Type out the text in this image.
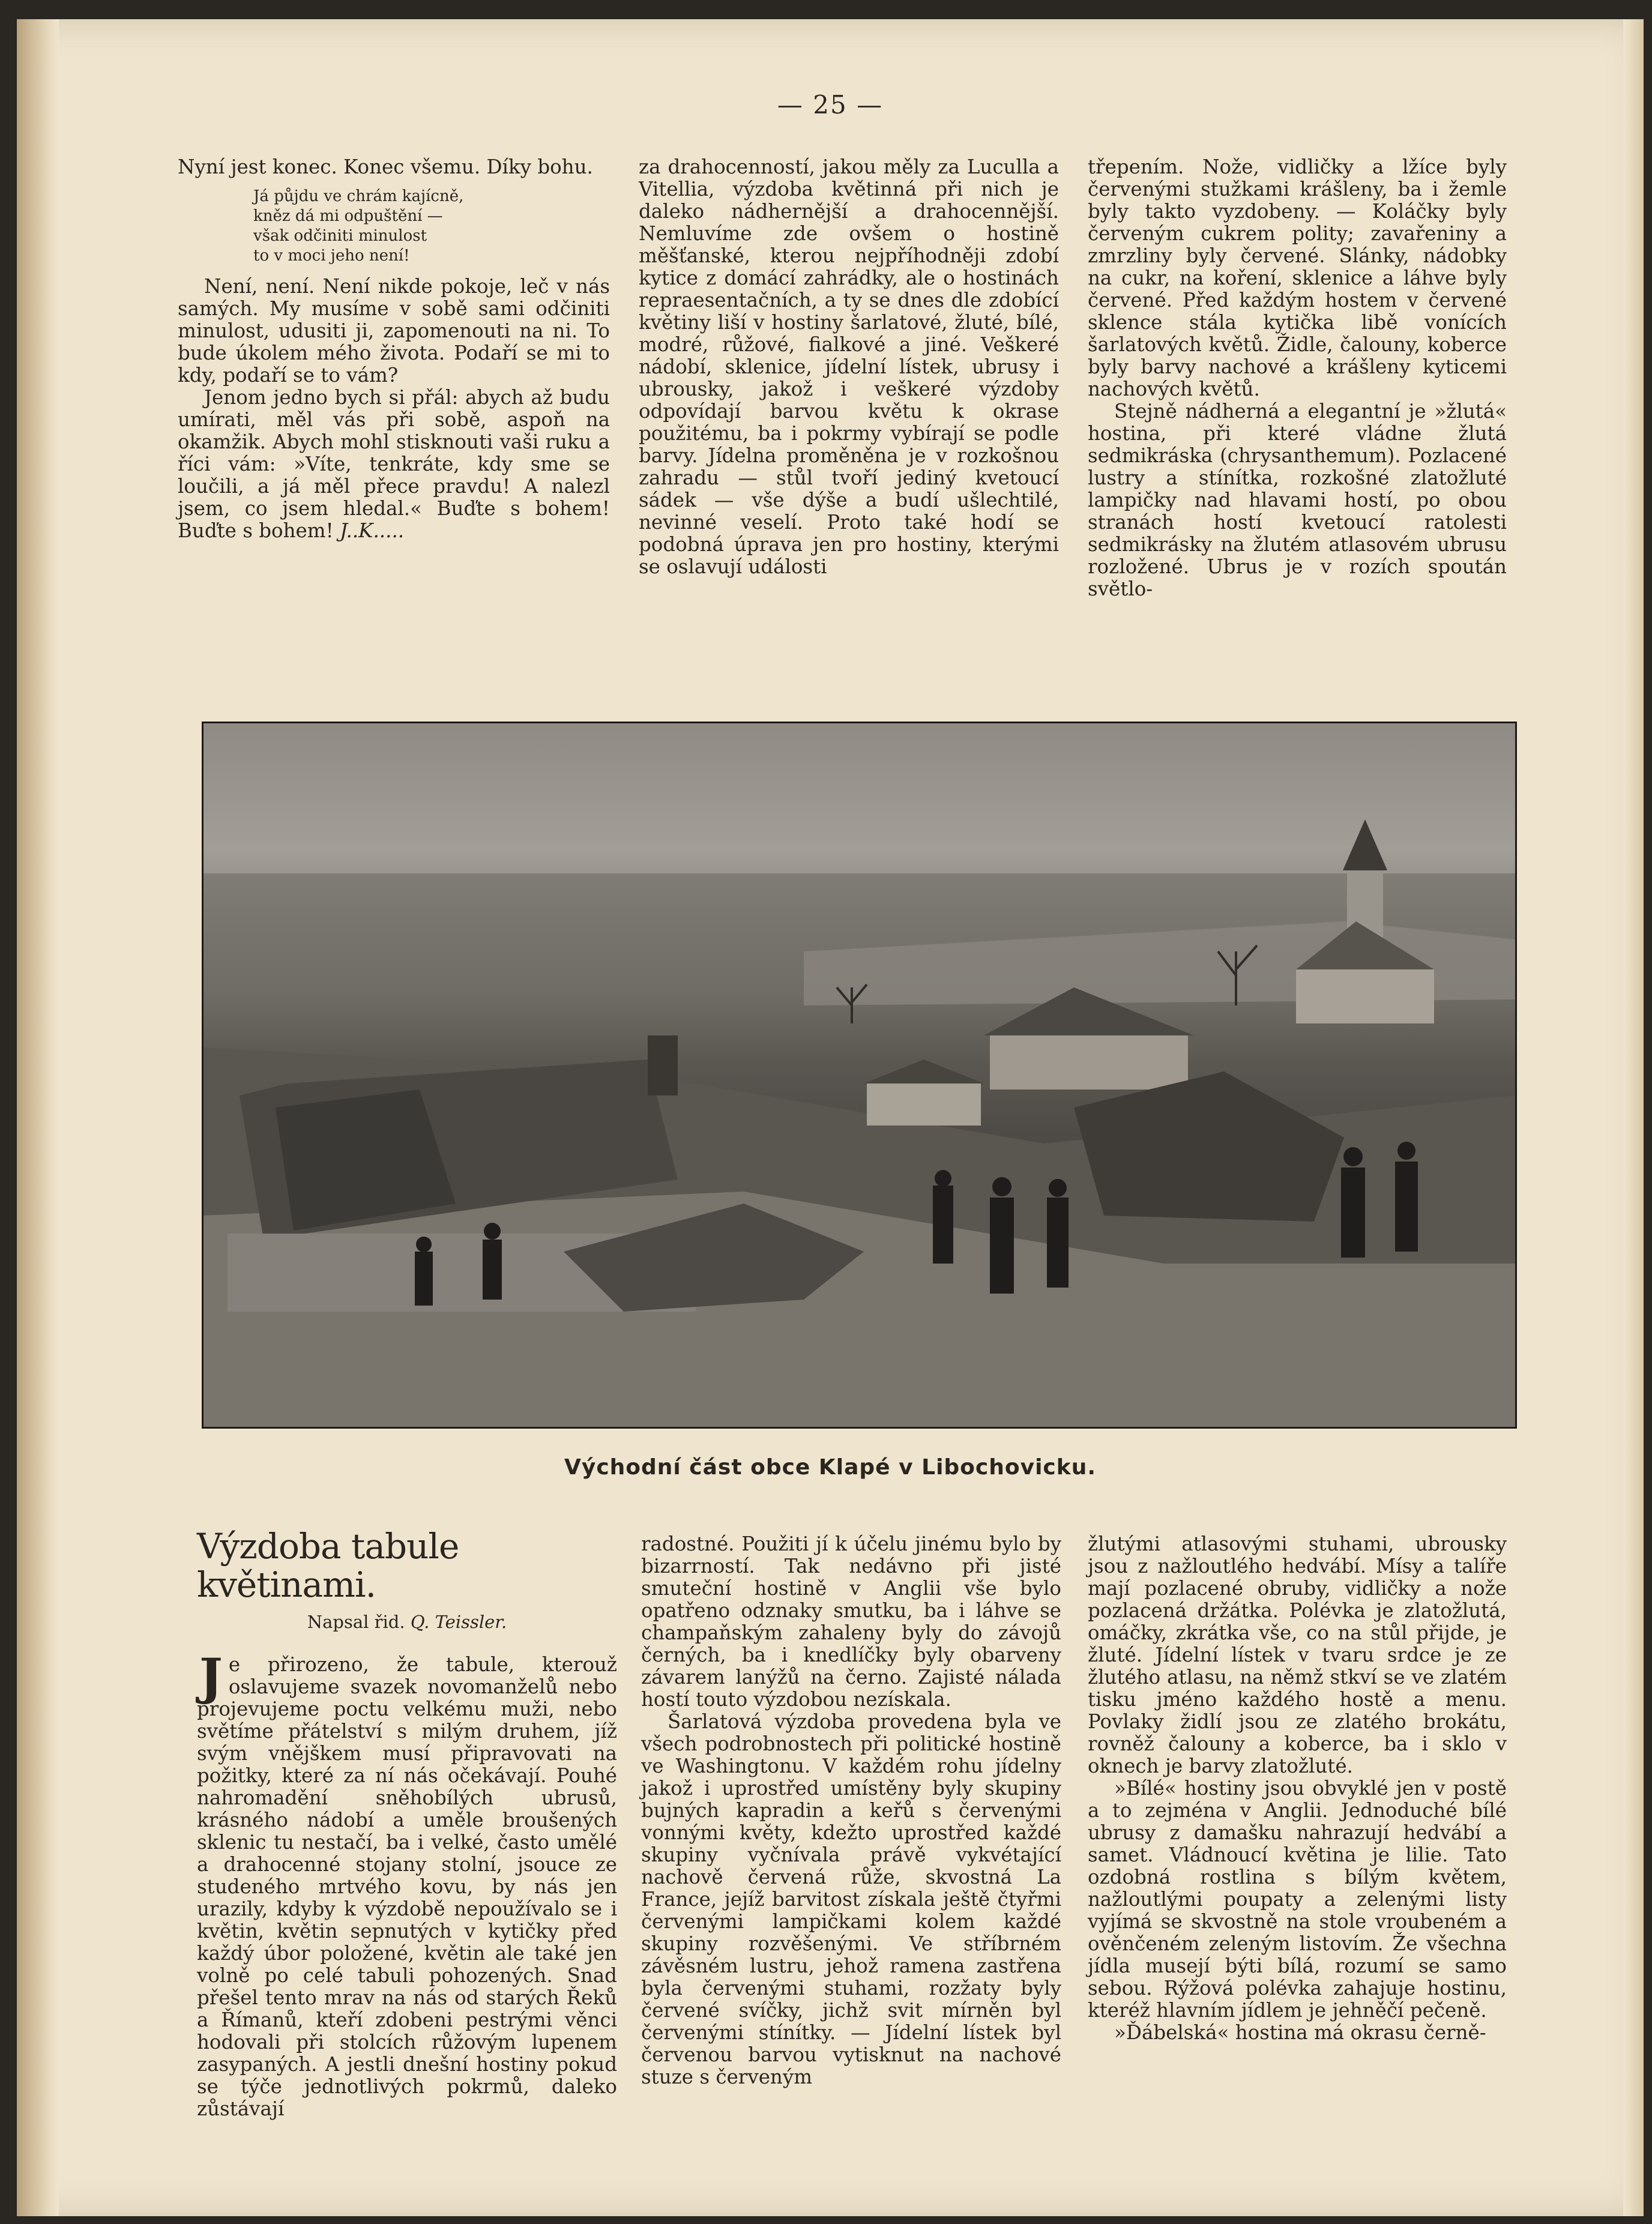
— 25 —

Nyní jest konec. Konec všemu. Díky bohu.

Já půjdu ve chrám kajícně,
kněz dá mi odpuštění —
však odčiniti minulost
to v moci jeho není!

Není, není. Není nikde pokoje, leč v nás samých. My musíme v sobě sami odčiniti minulost, udusiti ji, zapomenouti na ni. To bude úkolem mého života. Podaří se mi to kdy, podaří se to vám?

Jenom jedno bych si přál: abych až budu umírati, měl vás při sobě, aspoň na okamžik. Abych mohl stisknouti vaši ruku a říci vám: »Víte, tenkráte, kdy sme se loučili, a já měl přece pravdu! A nalezl jsem, co jsem hledal.« Buďte s bohem! Buďte s bohem! J..K.....

za drahocenností, jakou měly za Luculla a Vitellia, výzdoba květinná při nich je daleko nádhernější a drahocennější. Nemluvíme zde ovšem o hostině měšťanské, kterou nejpříhodněji zdobí kytice z domácí zahrádky, ale o hostinách repraesentačních, a ty se dnes dle zdobící květiny liší v hostiny šarlatové, žluté, bílé, modré, růžové, fialkové a jiné. Veškeré nádobí, sklenice, jídelní lístek, ubrusy i ubrousky, jakož i veškeré výzdoby odpovídají barvou květu k okrase použitému, ba i pokrmy vybírají se podle barvy. Jídelna proměněna je v rozkošnou zahradu — stůl tvoří jediný kvetoucí sádek — vše dýše a budí ušlechtilé, nevinné veselí. Proto také hodí se podobná úprava jen pro hostiny, kterými se oslavují události

třepením. Nože, vidličky a lžíce byly červenými stužkami krášleny, ba i žemle byly takto vyzdobeny. — Koláčky byly červeným cukrem polity; zavařeniny a zmrzliny byly červené. Slánky, nádobky na cukr, na koření, sklenice a láhve byly červené. Před každým hostem v červené sklence stála kytička libě vonících šarlatových květů. Židle, čalouny, koberce byly barvy nachové a krášleny kyticemi nachových květů.

Stejně nádherná a elegantní je »žlutá« hostina, při které vládne žlutá sedmikráska (chrysanthemum). Pozlacené lustry a stínítka, rozkošné zlatožluté lampičky nad hlavami hostí, po obou stranách hostí kvetoucí ratolesti sedmikrásky na žlutém atlasovém ubrusu rozložené. Ubrus je v rozích spoután světlo-

Východní část obce Klapé v Libochovicku.
Výzdoba tabule květinami.
Napsal řid. Q. Teissler.

Je přirozeno, že tabule, kterouž oslavujeme svazek novomanželů nebo projevujeme poctu velkému muži, nebo světíme přátelství s milým druhem, jíž svým vnějškem musí připravovati na požitky, které za ní nás očekávají. Pouhé nahromadění sněhobílých ubrusů, krásného nádobí a uměle broušených sklenic tu nestačí, ba i velké, často umělé a drahocenné stojany stolní, jsouce ze studeného mrtvého kovu, by nás jen urazily, kdyby k výzdobě nepoužívalo se i květin, květin sepnutých v kytičky před každý úbor položené, květin ale také jen volně po celé tabuli pohozených. Snad přešel tento mrav na nás od starých Řeků a Římanů, kteří zdobeni pestrými věnci hodovali při stolcích růžovým lupenem zasypaných. A jestli dnešní hostiny pokud se týče jednotlivých pokrmů, daleko zůstávají

radostné. Použiti jí k účelu jinému bylo by bizarrností. Tak nedávno při jisté smuteční hostině v Anglii vše bylo opatřeno odznaky smutku, ba i láhve se champaňským zahaleny byly do závojů černých, ba i knedlíčky byly obarveny závarem lanýžů na černo. Zajisté nálada hostí touto výzdobou nezískala.

Šarlatová výzdoba provedena byla ve všech podrobnostech při politické hostině ve Washingtonu. V každém rohu jídelny jakož i uprostřed umístěny byly skupiny bujných kapradin a keřů s červenými vonnými květy, kdežto uprostřed každé skupiny vyčnívala právě vykvétající nachově červená růže, skvostná La France, jejíž barvitost získala ještě čtyřmi červenými lampičkami kolem každé skupiny rozvěšenými. Ve stříbrném závěsném lustru, jehož ramena zastřena byla červenými stuhami, rozžaty byly červené svíčky, jichž svit mírněn byl červenými stínítky. — Jídelní lístek byl červenou barvou vytisknut na nachové stuze s červeným

žlutými atlasovými stuhami, ubrousky jsou z nažloutlého hedvábí. Mísy a talíře mají pozlacené obruby, vidličky a nože pozlacená držátka. Polévka je zlatožlutá, omáčky, zkrátka vše, co na stůl přijde, je žluté. Jídelní lístek v tvaru srdce je ze žlutého atlasu, na němž stkví se ve zlatém tisku jméno každého hostě a menu. Povlaky židlí jsou ze zlatého brokátu, rovněž čalouny a koberce, ba i sklo v oknech je barvy zlatožluté.

»Bílé« hostiny jsou obvyklé jen v postě a to zejména v Anglii. Jednoduché bílé ubrusy z damašku nahrazují hedvábí a samet. Vládnoucí květina je lilie. Tato ozdobná rostlina s bílým květem, nažloutlými poupaty a zelenými listy vyjímá se skvostně na stole vroubeném a ověnčeném zeleným listovím. Že všechna jídla musejí býti bílá, rozumí se samo sebou. Rýžová polévka zahajuje hostinu, kteréž hlavním jídlem je jehněčí pečeně.

»Ďábelská« hostina má okrasu černě-
